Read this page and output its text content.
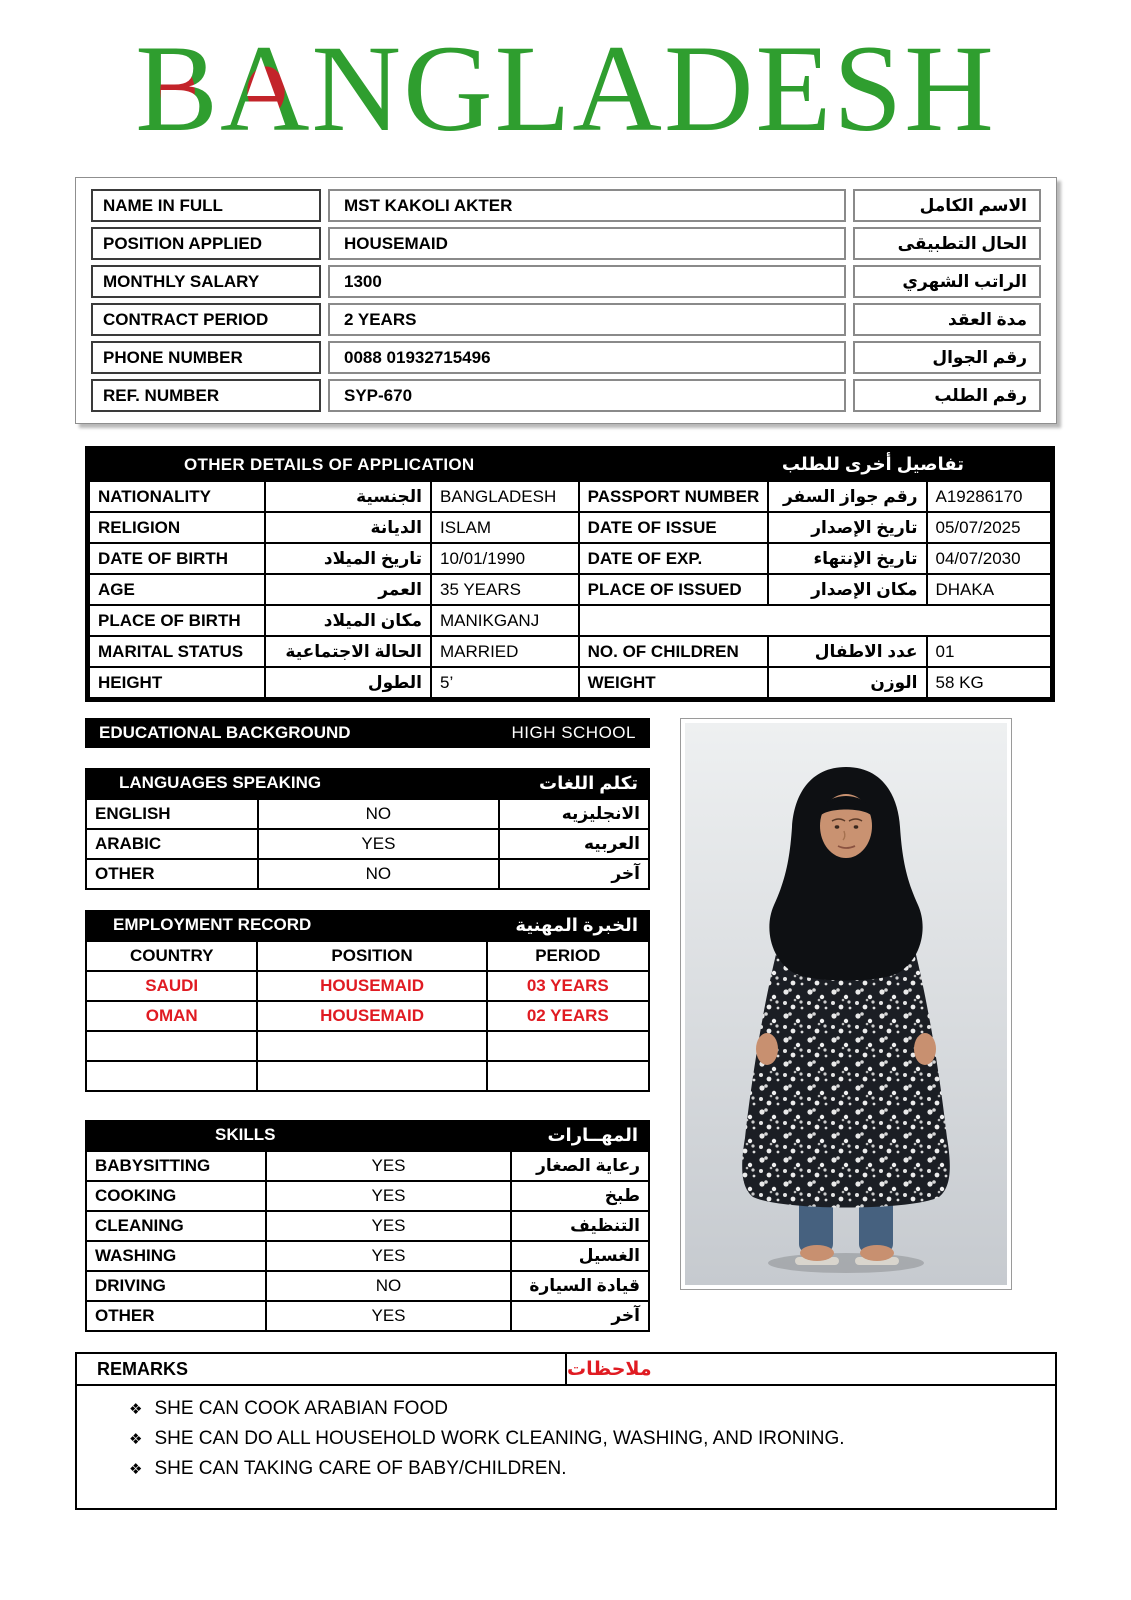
BANGLADESH
NAME IN FULL	MST KAKOLI AKTER	الاسم الكامل
POSITION APPLIED	HOUSEMAID	الحال التطبيقى
MONTHLY SALARY	1300	الراتب الشهري
CONTRACT PERIOD	2 YEARS	مدة العقد
PHONE NUMBER	0088 01932715496	رقم الجوال
REF. NUMBER	SYP-670	رقم الطلب
OTHER DETAILS OF APPLICATION	تفاصيل أخرى للطلب
NATIONALITY	الجنسية	BANGLADESH	PASSPORT NUMBER	رقم جواز السفر	A19286170
RELIGION	الديانة	ISLAM	DATE OF ISSUE	تاريخ الإصدار	05/07/2025
DATE OF BIRTH	تاريخ الميلاد	10/01/1990	DATE OF EXP.	تاريخ الإنتهاء	04/07/2030
AGE	العمر	35 YEARS	PLACE OF ISSUED	مكان الإصدار	DHAKA
PLACE OF BIRTH	مكان الميلاد	MANIKGANJ			
MARITAL STATUS	الحالة الاجتماعية	MARRIED	NO. OF CHILDREN	عدد الاطفال	01
HEIGHT	الطول	5’	WEIGHT	الوزن	58 KG
EDUCATIONAL BACKGROUND	HIGH SCHOOL
LANGUAGES SPEAKING	تكلم اللغات
ENGLISH	NO	الانجليزيه
ARABIC	YES	العربيه
OTHER	NO	آخر
EMPLOYMENT RECORD	الخبرة المهنية
COUNTRY	POSITION	PERIOD
SAUDI	HOUSEMAID	03 YEARS
OMAN	HOUSEMAID	02 YEARS

SKILLS	المهــارات
BABYSITTING	YES	رعاية الصغار
COOKING	YES	طبخ
CLEANING	YES	التنظيف
WASHING	YES	الغسيل
DRIVING	NO	قيادة السيارة
OTHER	YES	آخر
REMARKS	ملاحظات
❖ SHE CAN COOK ARABIAN FOOD
❖ SHE CAN DO ALL HOUSEHOLD WORK CLEANING, WASHING, AND IRONING.
❖ SHE CAN TAKING CARE OF BABY/CHILDREN.
